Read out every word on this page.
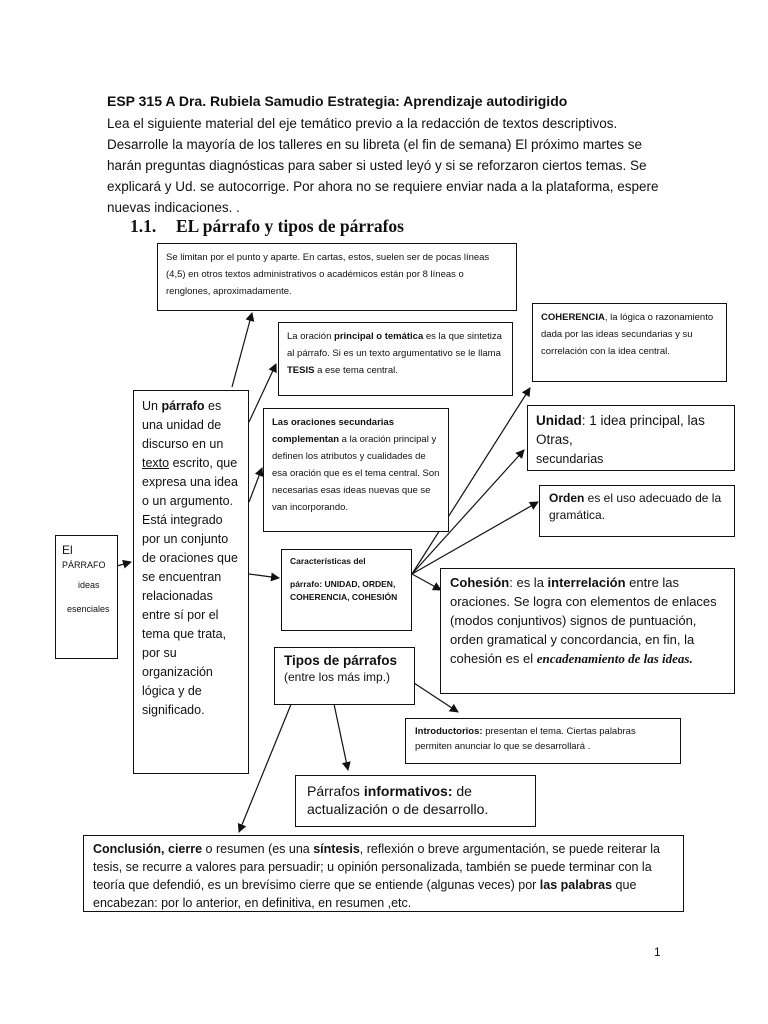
ESP 315 A Dra. Rubiela Samudio Estrategia: Aprendizaje autodirigido
Lea el siguiente material del eje temático previo a la redacción de textos descriptivos. Desarrolle la mayoría de los talleres en su libreta (el fin de semana) El próximo martes se harán preguntas diagnósticas para saber si usted leyó y si se reforzaron ciertos temas. Se explicará y Ud. se autocorrige. Por ahora no se requiere enviar nada a la plataforma, espere nuevas indicaciones. .
1.1. EL párrafo y tipos de párrafos
Se limitan por el punto y aparte. En cartas, estos, suelen ser de pocas líneas (4,5) en otros textos administrativos o académicos están por 8 líneas o renglones, aproximadamente.
La oración principal o temática es la que sintetiza al párrafo. Si es un texto argumentativo se le llama TESIS a ese tema central.
COHERENCIA, la lógica o razonamiento dada por las ideas secundarias y su correlación con la idea central.
Un párrafo es una unidad de discurso en un texto escrito, que expresa una idea o un argumento. Está integrado por un conjunto de oraciones que se encuentran relacionadas entre sí por el tema que trata, por su organización lógica y de significado.
Las oraciones secundarias complementan a la oración principal y definen los atributos y cualidades de esa oración que es el tema central. Son necesarias esas ideas nuevas que se van incorporando.
Unidad: 1 idea principal, las Otras,
secundarias
Orden es el uso adecuado de la gramática.
El
PÁRRAFO
ideas
esenciales
Características del
párrafo: UNIDAD, ORDEN, COHERENCIA, COHESIÓN
Cohesión: es la interrelación entre las oraciones. Se logra con elementos de enlaces (modos conjuntivos) signos de puntuación, orden gramatical y concordancia, en fin, la cohesión es el encadenamiento de las ideas.
Tipos de párrafos
(entre los más imp.)
Introductorios: presentan el tema. Ciertas palabras permiten anunciar lo que se desarrollará .
Párrafos informativos: de actualización o de desarrollo.
Conclusión, cierre o resumen (es una síntesis, reflexión o breve argumentación, se puede reiterar la tesis, se recurre a valores para persuadir; u opinión personalizada, también se puede terminar con la teoría que defendió, es un brevísimo cierre que se entiende (algunas veces) por las palabras que encabezan: por lo anterior, en definitiva, en resumen ,etc.
1
